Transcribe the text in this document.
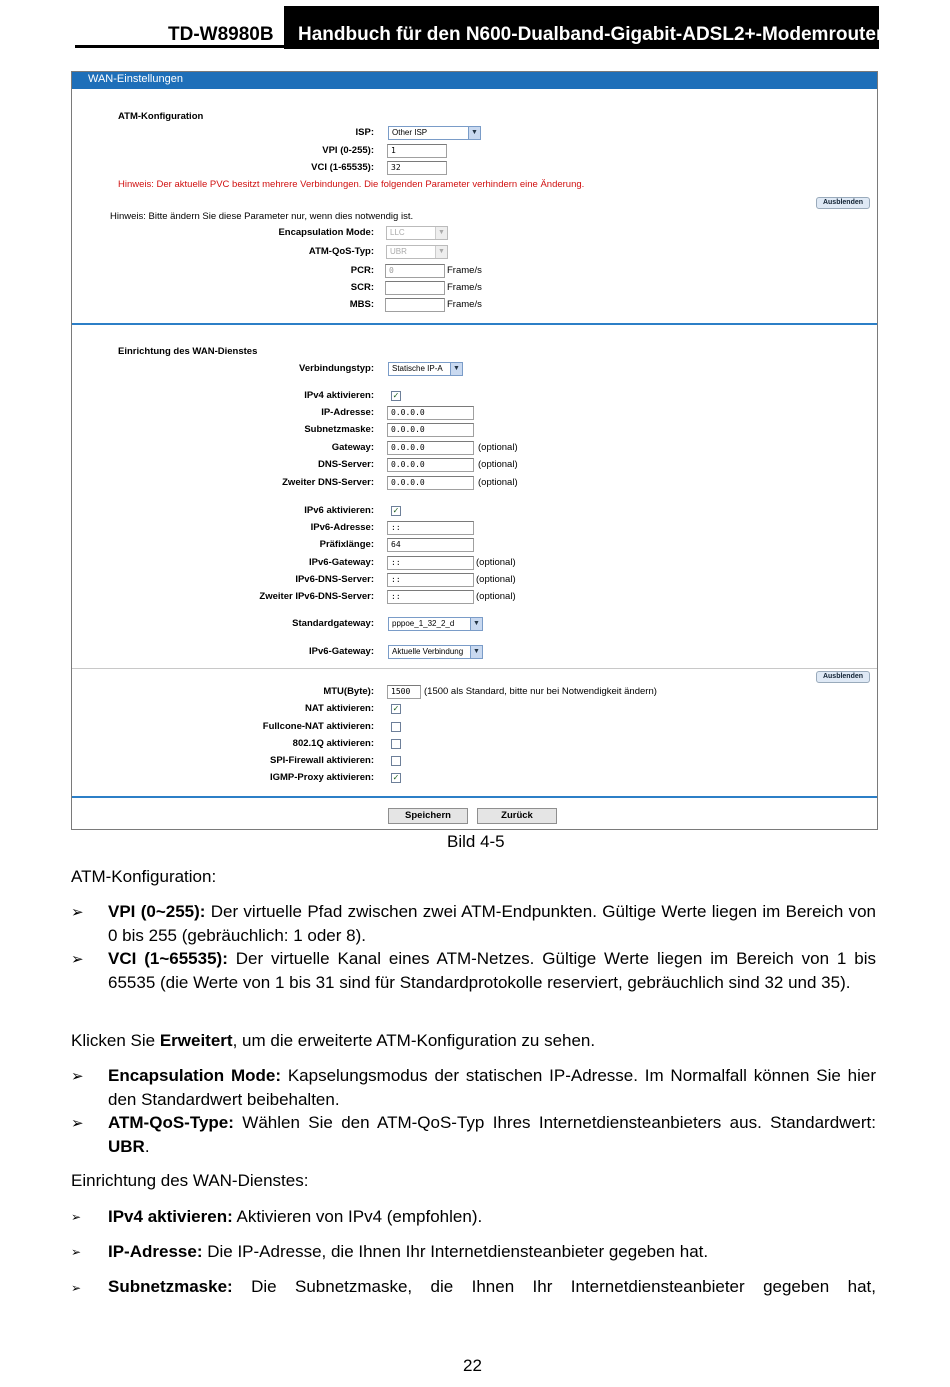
TD-W8980B Handbuch für den N600-Dualband-Gigabit-ADSL2+-Modemrouter
WAN-Einstellungen
ATM-Konfiguration
ISP:	Other ISP	▼
VPI (0-255):	1
VCI (1-65535):	32
Hinweis: Der aktuelle PVC besitzt mehrere Verbindungen. Die folgenden Parameter verhindern eine Änderung.
Ausblenden
Hinweis: Bitte ändern Sie diese Parameter nur, wenn dies notwendig ist.
Encapsulation Mode:	LLC	▼
ATM-QoS-Typ:	UBR	▼
PCR:	0	Frame/s
SCR:	Frame/s
MBS:	Frame/s
Einrichtung des WAN-Dienstes
Verbindungstyp:	Statische IP-A	▼
IPv4 aktivieren: ✓
IP-Adresse:	0.0.0.0
Subnetzmaske:	0.0.0.0
Gateway:	0.0.0.0	(optional)
DNS-Server:	0.0.0.0	(optional)
Zweiter DNS-Server:	0.0.0.0	(optional)
IPv6 aktivieren: ✓
IPv6-Adresse:	::
Präfixlänge:	64
IPv6-Gateway:	::	(optional)
IPv6-DNS-Server:	::	(optional)
Zweiter IPv6-DNS-Server:	::	(optional)
Standardgateway:	pppoe_1_32_2_d	▼
IPv6-Gateway:	Aktuelle Verbindung	▼
Ausblenden
MTU(Byte):	1500	(1500 als Standard, bitte nur bei Notwendigkeit ändern)
NAT aktivieren: ✓
Fullcone-NAT aktivieren:
802.1Q aktivieren:
SPI-Firewall aktivieren:
IGMP-Proxy aktivieren: ✓
Speichern	Zurück
Bild 4-5
ATM-Konfiguration:
➢	VPI (0~255): Der virtuelle Pfad zwischen zwei ATM-Endpunkten. Gültige Werte liegen im Bereich von 0 bis 255 (gebräuchlich: 1 oder 8).
➢	VCI (1~65535): Der virtuelle Kanal eines ATM-Netzes. Gültige Werte liegen im Bereich von 1 bis 65535 (die Werte von 1 bis 31 sind für Standardprotokolle reserviert, gebräuchlich sind 32 und 35).
Klicken Sie Erweitert, um die erweiterte ATM-Konfiguration zu sehen.
➢	Encapsulation Mode: Kapselungsmodus der statischen IP-Adresse. Im Normalfall können Sie hier den Standardwert beibehalten.
➢	ATM-QoS-Type: Wählen Sie den ATM-QoS-Typ Ihres Internetdiensteanbieters aus. Standardwert: UBR.
Einrichtung des WAN-Dienstes:
➢	IPv4 aktivieren: Aktivieren von IPv4 (empfohlen).
➢	IP-Adresse: Die IP-Adresse, die Ihnen Ihr Internetdiensteanbieter gegeben hat.
➢	Subnetzmaske: Die Subnetzmaske, die Ihnen Ihr Internetdiensteanbieter gegeben hat,
22
